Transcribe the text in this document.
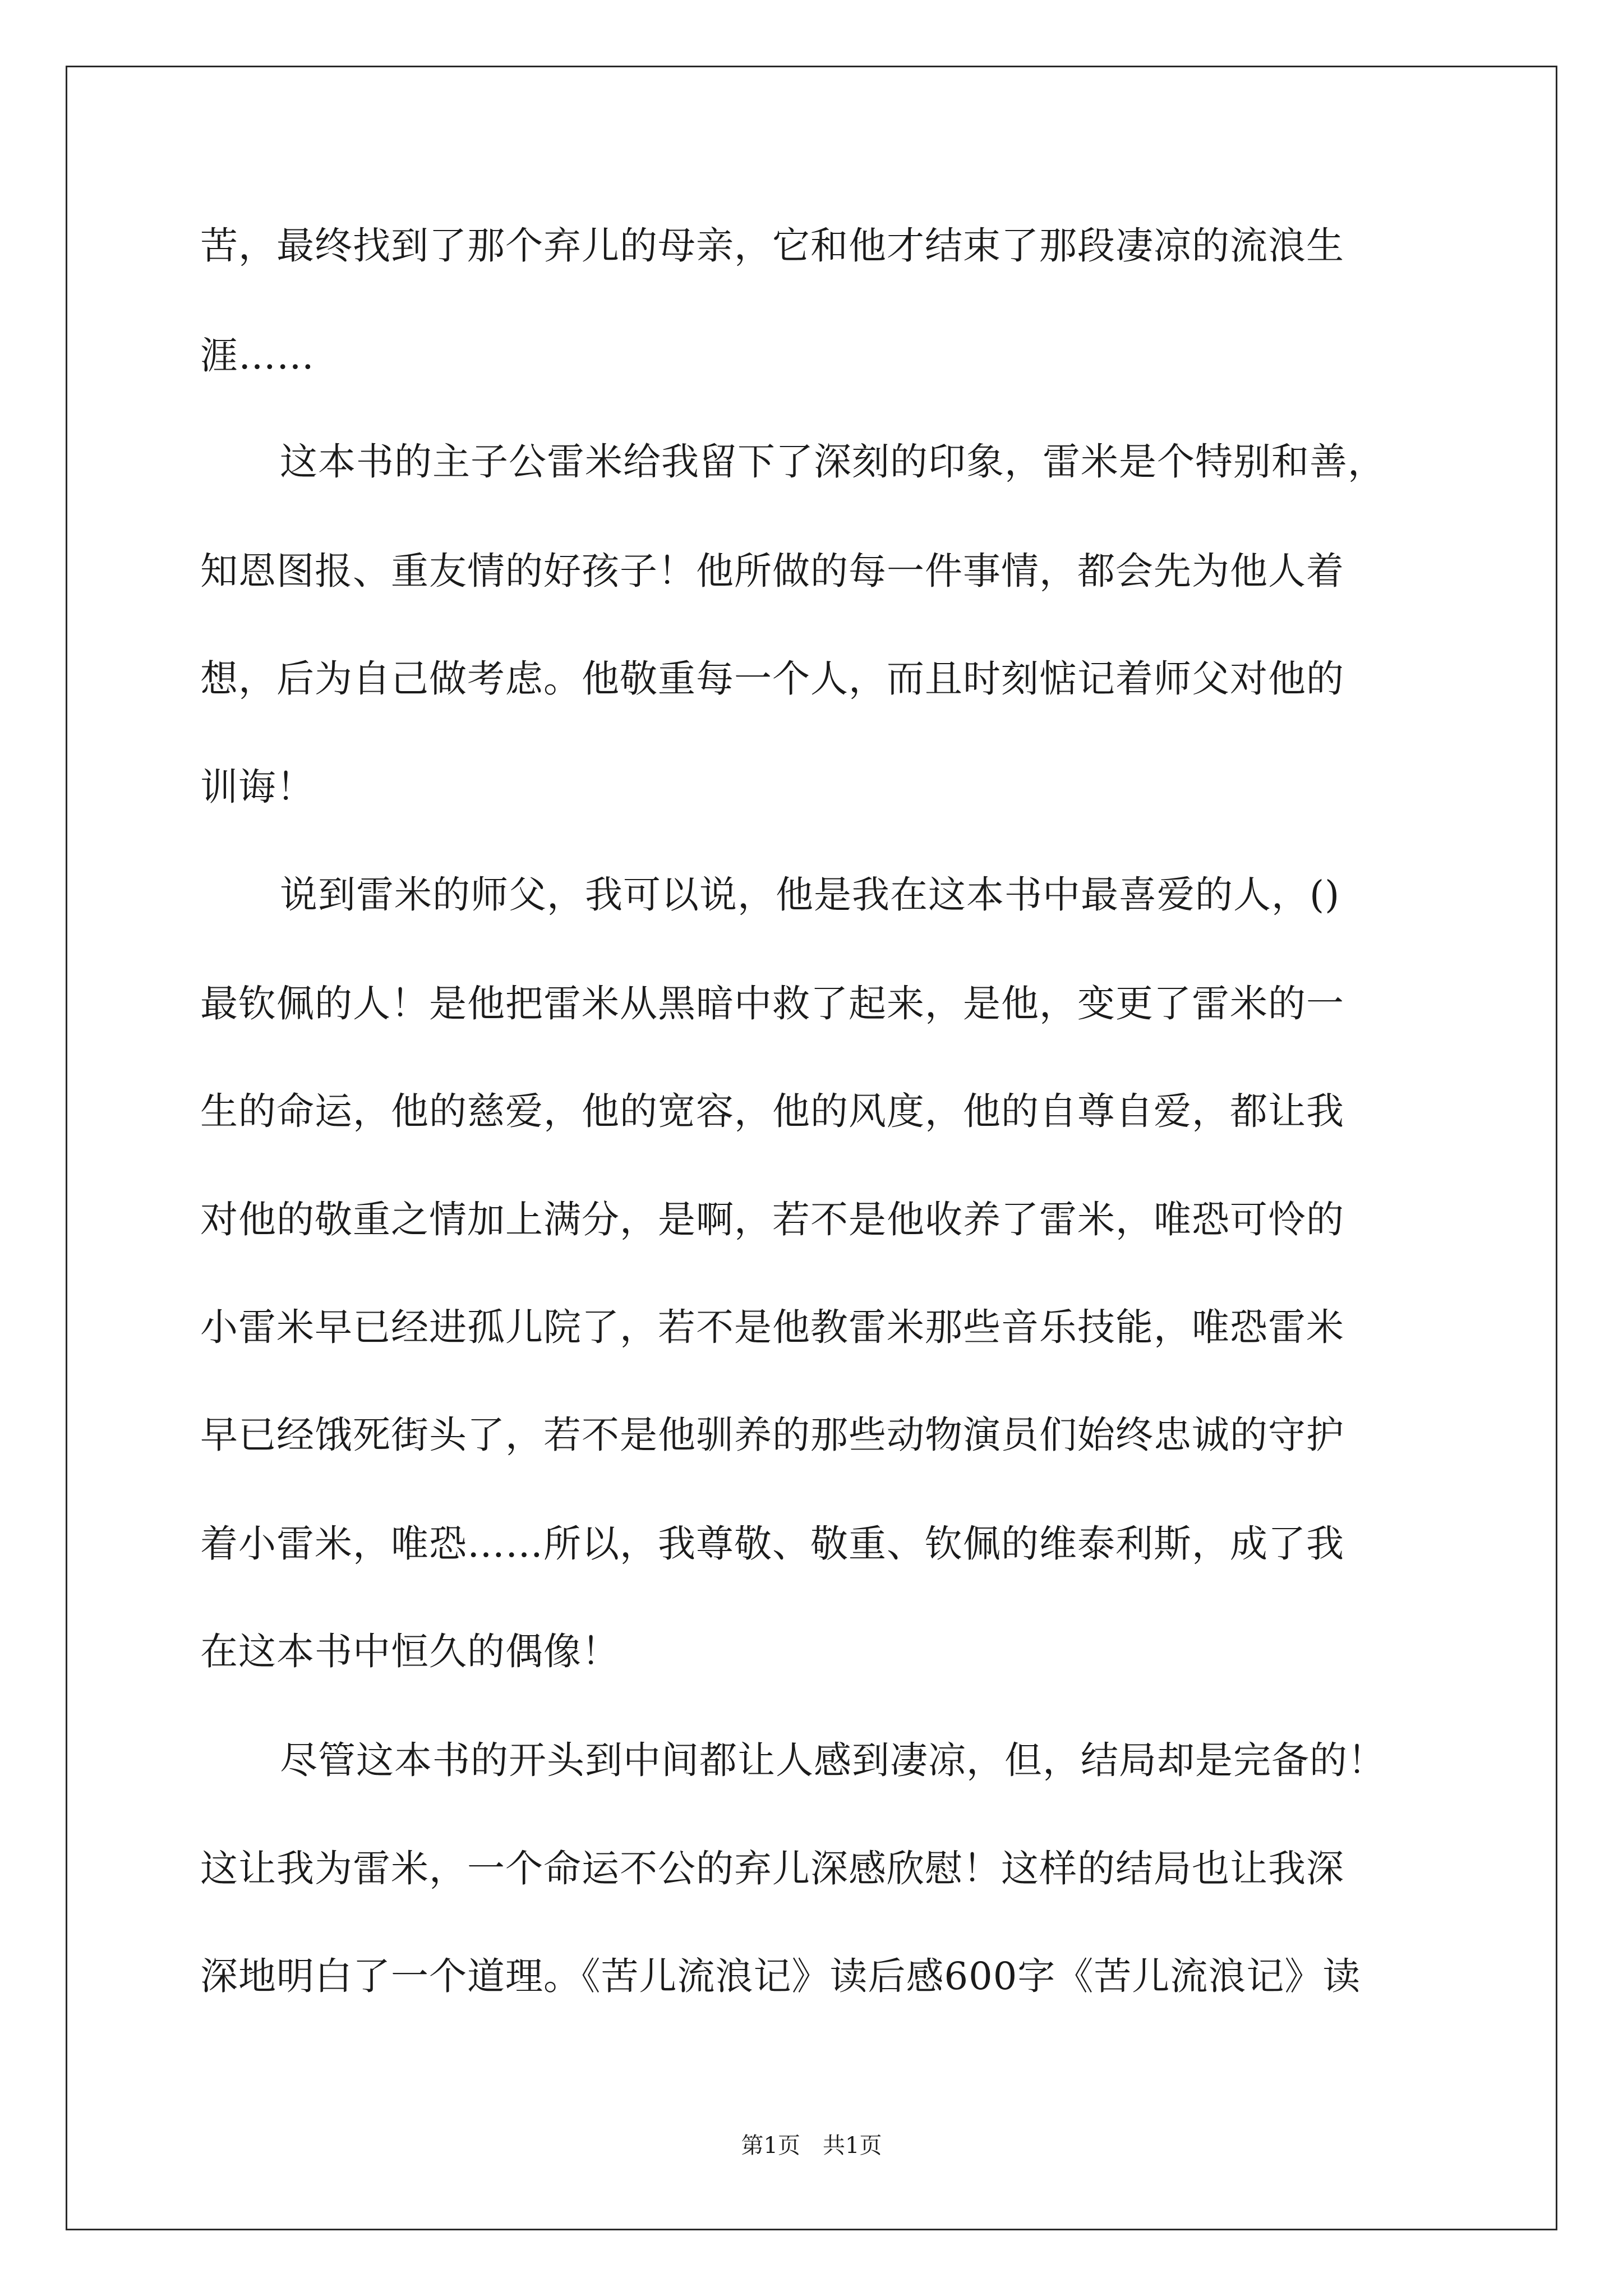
苦，最终找到了那个弃儿的母亲，它和他才结束了那段凄凉的流浪生
涯……
这本书的主子公雷米给我留下了深刻的印象，雷米是个特别和善，
知恩图报、重友情的好孩子！他所做的每一件事情，都会先为他人着
想，后为自己做考虑。他敬重每一个人，而且时刻惦记着师父对他的
训诲！
说到雷米的师父，我可以说，他是我在这本书中最喜爱的人，()
最钦佩的人！是他把雷米从黑暗中救了起来，是他，变更了雷米的一
生的命运，他的慈爱，他的宽容，他的风度，他的自尊自爱，都让我
对他的敬重之情加上满分，是啊，若不是他收养了雷米，唯恐可怜的
小雷米早已经进孤儿院了，若不是他教雷米那些音乐技能，唯恐雷米
早已经饿死街头了，若不是他驯养的那些动物演员们始终忠诚的守护
着小雷米，唯恐……所以，我尊敬、敬重、钦佩的维泰利斯，成了我
在这本书中恒久的偶像！
尽管这本书的开头到中间都让人感到凄凉，但，结局却是完备的！
这让我为雷米，一个命运不公的弃儿深感欣慰！这样的结局也让我深
深地明白了一个道理。《苦儿流浪记》读后感600字《苦儿流浪记》读
第1页　共1页
